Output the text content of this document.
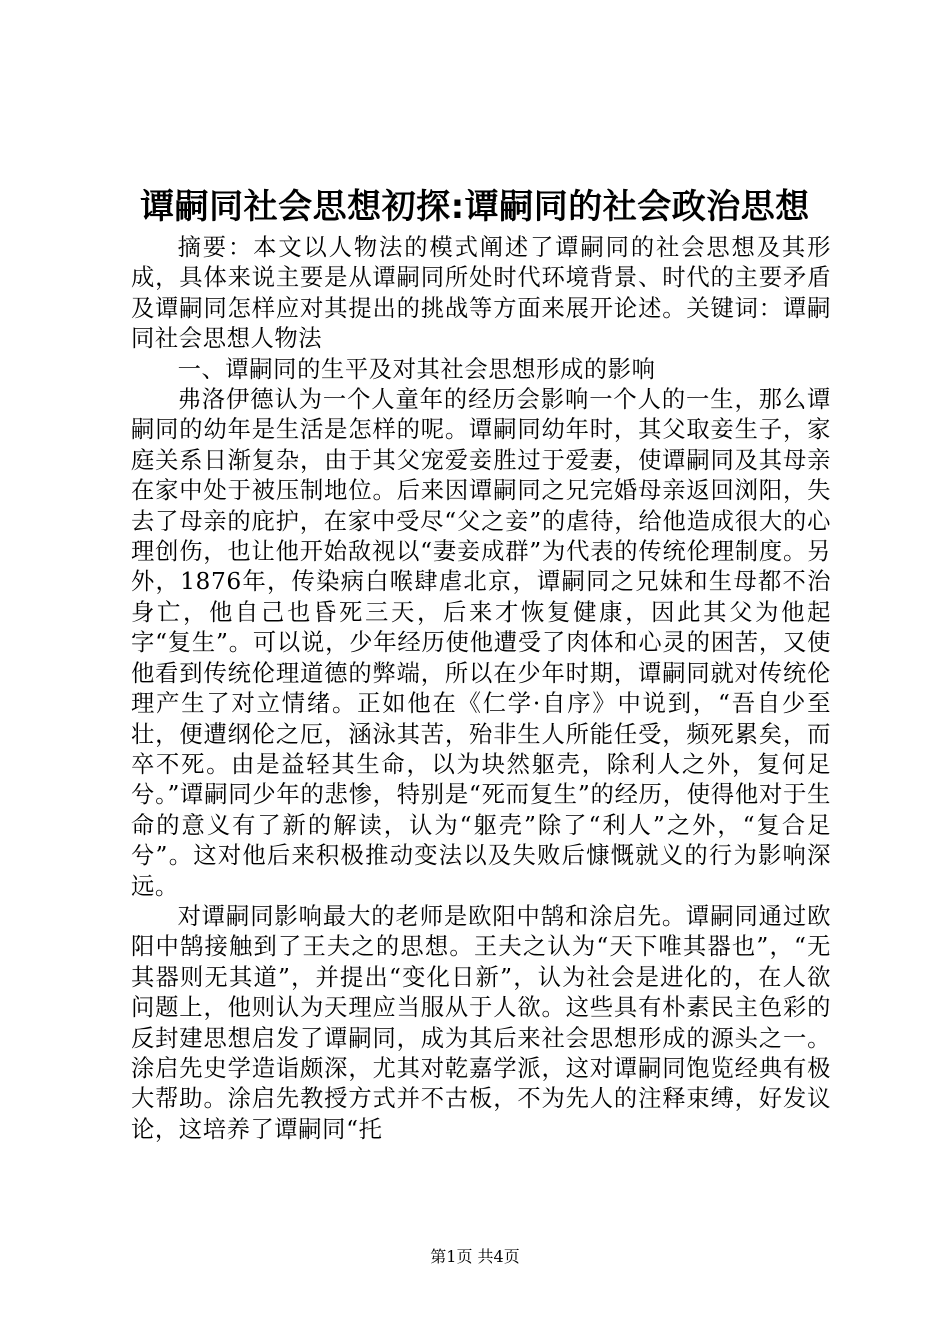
谭嗣同社会思想初探:谭嗣同的社会政治思想

摘要：本文以人物法的模式阐述了谭嗣同的社会思想及其形成，具体来说主要是从谭嗣同所处时代环境背景、时代的主要矛盾及谭嗣同怎样应对其提出的挑战等方面来展开论述。关键词：谭嗣同社会思想人物法

一、谭嗣同的生平及对其社会思想形成的影响

弗洛伊德认为一个人童年的经历会影响一个人的一生，那么谭嗣同的幼年是生活是怎样的呢。谭嗣同幼年时，其父取妾生子，家庭关系日渐复杂，由于其父宠爱妾胜过于爱妻，使谭嗣同及其母亲在家中处于被压制地位。后来因谭嗣同之兄完婚母亲返回浏阳，失去了母亲的庇护，在家中受尽“父之妾”的虐待，给他造成很大的心理创伤，也让他开始敌视以“妻妾成群”为代表的传统伦理制度。另外，1876年，传染病白喉肆虐北京，谭嗣同之兄妹和生母都不治身亡，他自己也昏死三天，后来才恢复健康，因此其父为他起字“复生”。可以说，少年经历使他遭受了肉体和心灵的困苦，又使他看到传统伦理道德的弊端，所以在少年时期，谭嗣同就对传统伦理产生了对立情绪。正如他在《仁学·自序》中说到，“吾自少至壮，便遭纲伦之厄，涵泳其苦，殆非生人所能任受，频死累矣，而卒不死。由是益轻其生命，以为块然躯壳，除利人之外，复何足兮。”谭嗣同少年的悲惨，特别是“死而复生”的经历，使得他对于生命的意义有了新的解读，认为“躯壳”除了“利人”之外，“复合足兮”。这对他后来积极推动变法以及失败后慷慨就义的行为影响深远。

对谭嗣同影响最大的老师是欧阳中鹄和涂启先。谭嗣同通过欧阳中鹄接触到了王夫之的思想。王夫之认为“天下唯其器也”，“无其器则无其道”，并提出“变化日新”，认为社会是进化的，在人欲问题上，他则认为天理应当服从于人欲。这些具有朴素民主色彩的反封建思想启发了谭嗣同，成为其后来社会思想形成的源头之一。涂启先史学造诣颇深，尤其对乾嘉学派，这对谭嗣同饱览经典有极大帮助。涂启先教授方式并不古板，不为先人的注释束缚，好发议论，这培养了谭嗣同“托

第1页 共4页
